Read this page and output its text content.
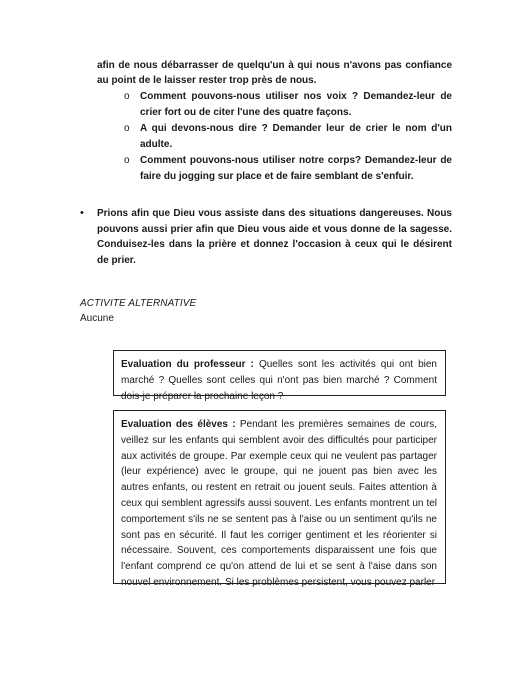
afin de nous débarrasser de quelqu'un à qui nous n'avons pas confiance au point de le laisser rester trop près de nous.
o Comment pouvons-nous utiliser nos voix ? Demandez-leur de crier fort ou de citer l'une des quatre façons.
o A qui devons-nous dire ? Demander leur de crier le nom d'un adulte.
o Comment pouvons-nous utiliser notre corps? Demandez-leur de faire du jogging sur place et de faire semblant de s'enfuir.
• Prions afin que Dieu vous assiste dans des situations dangereuses. Nous pouvons aussi prier afin que Dieu vous aide et vous donne de la sagesse. Conduisez-les dans la prière et donnez l'occasion à ceux qui le désirent de prier.
ACTIVITE ALTERNATIVE
Aucune
Evaluation du professeur : Quelles sont les activités qui ont bien marché ? Quelles sont celles qui n'ont pas bien marché ? Comment dois-je préparer la prochaine leçon ?
Evaluation des élèves : Pendant les premières semaines de cours, veillez sur les enfants qui semblent avoir des difficultés pour participer aux activités de groupe. Par exemple ceux qui ne veulent pas partager (leur expérience) avec le groupe, qui ne jouent pas bien avec les autres enfants, ou restent en retrait ou jouent seuls. Faites attention à ceux qui semblent agressifs aussi souvent. Les enfants montrent un tel comportement s'ils ne se sentent pas à l'aise ou un sentiment qu'ils ne sont pas en sécurité. Il faut les corriger gentiment et les réorienter si nécessaire. Souvent, ces comportements disparaissent une fois que l'enfant comprend ce qu'on attend de lui et se sent à l'aise dans son nouvel environnement. Si les problèmes persistent, vous pouvez parler
